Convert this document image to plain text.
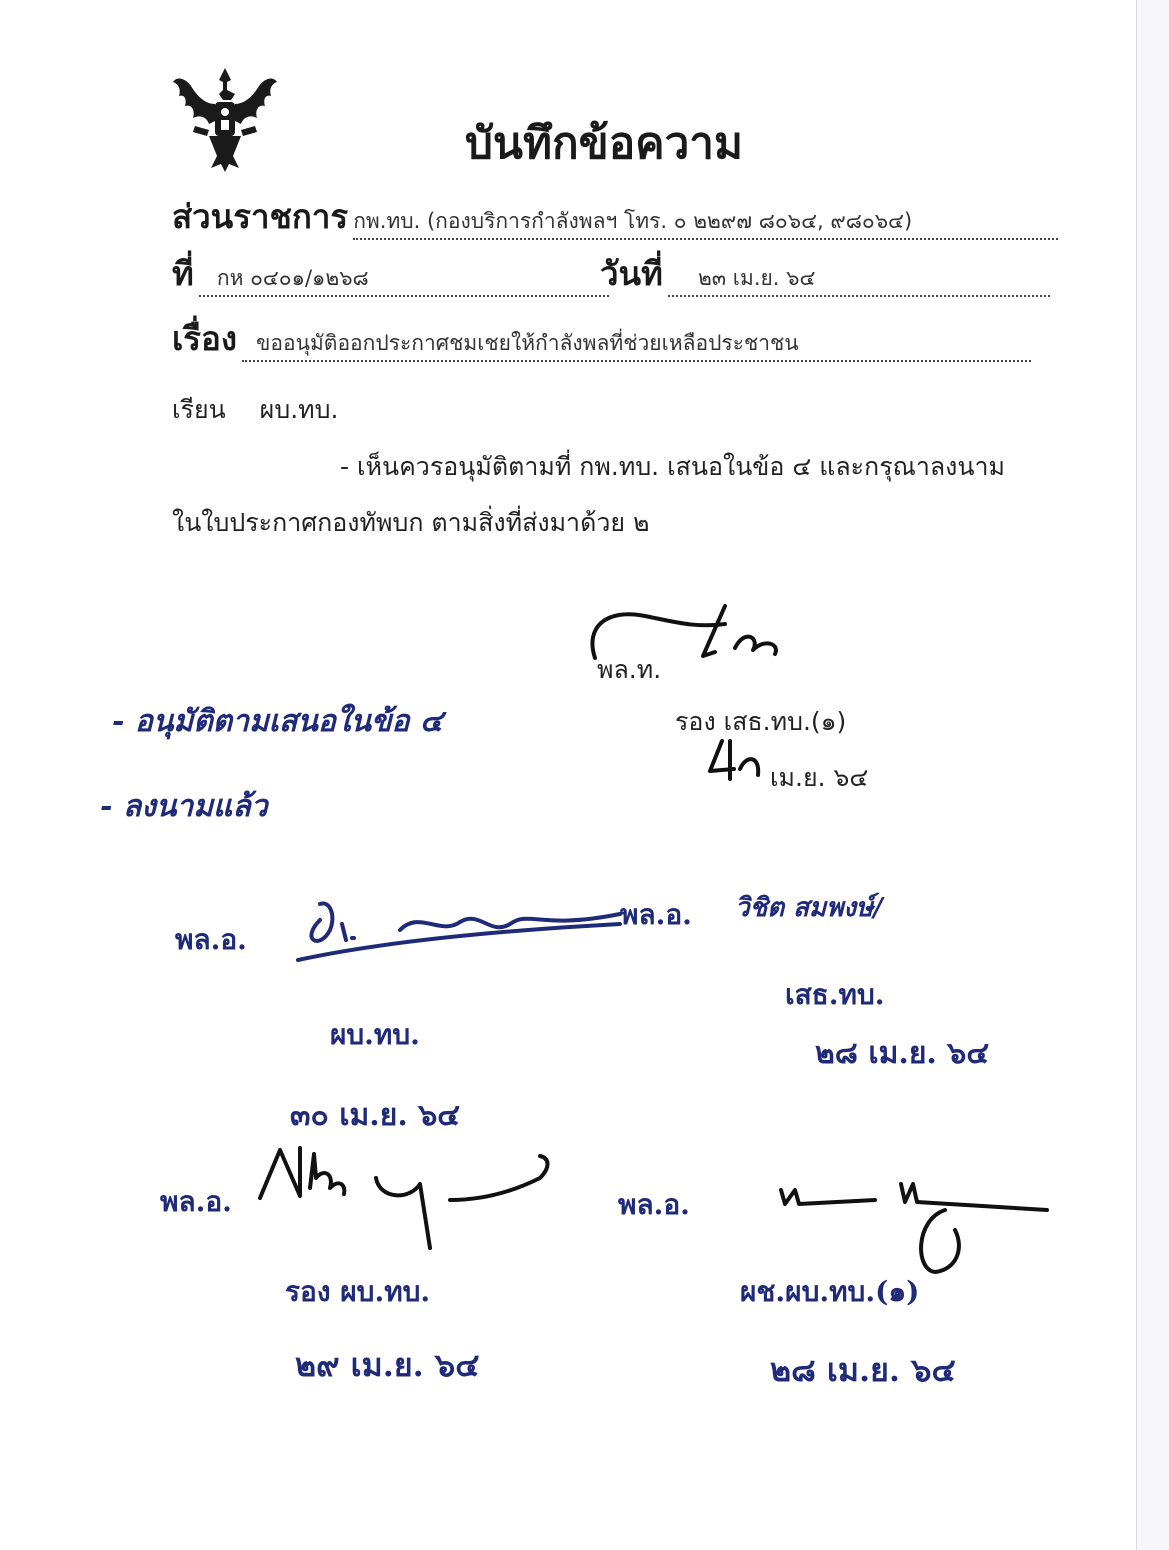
บันทึกข้อความ
ส่วนราชการ กพ.ทบ. (กองบริการกำลังพลฯ โทร. ๐ ๒๒๙๗ ๘๐๖๔, ๙๘๐๖๔)
ที่ กห ๐๔๐๑/๑๒๖๘	วันที่ ๒๓ เม.ย. ๖๔
เรื่อง ขออนุมัติออกประกาศชมเชยให้กำลังพลที่ช่วยเหลือประชาชน
เรียน ผบ.ทบ.
- เห็นควรอนุมัติตามที่ กพ.ทบ. เสนอในข้อ ๔ และกรุณาลงนาม
ในใบประกาศกองทัพบก ตามสิ่งที่ส่งมาด้วย ๒
พล.ท.
รอง เสธ.ทบ.(๑)
เม.ย. ๖๔
- อนุมัติตามเสนอในข้อ ๔
- ลงนามแล้ว
พล.อ.
ผบ.ทบ.
๓๐ เม.ย. ๖๔
พล.อ. วิชิต สมพงษ์/
เสธ.ทบ.
๒๘ เม.ย. ๖๔
พล.อ.
รอง ผบ.ทบ.
๒๙ เม.ย. ๖๔
พล.อ.
ผช.ผบ.ทบ.(๑)
๒๘ เม.ย. ๖๔
